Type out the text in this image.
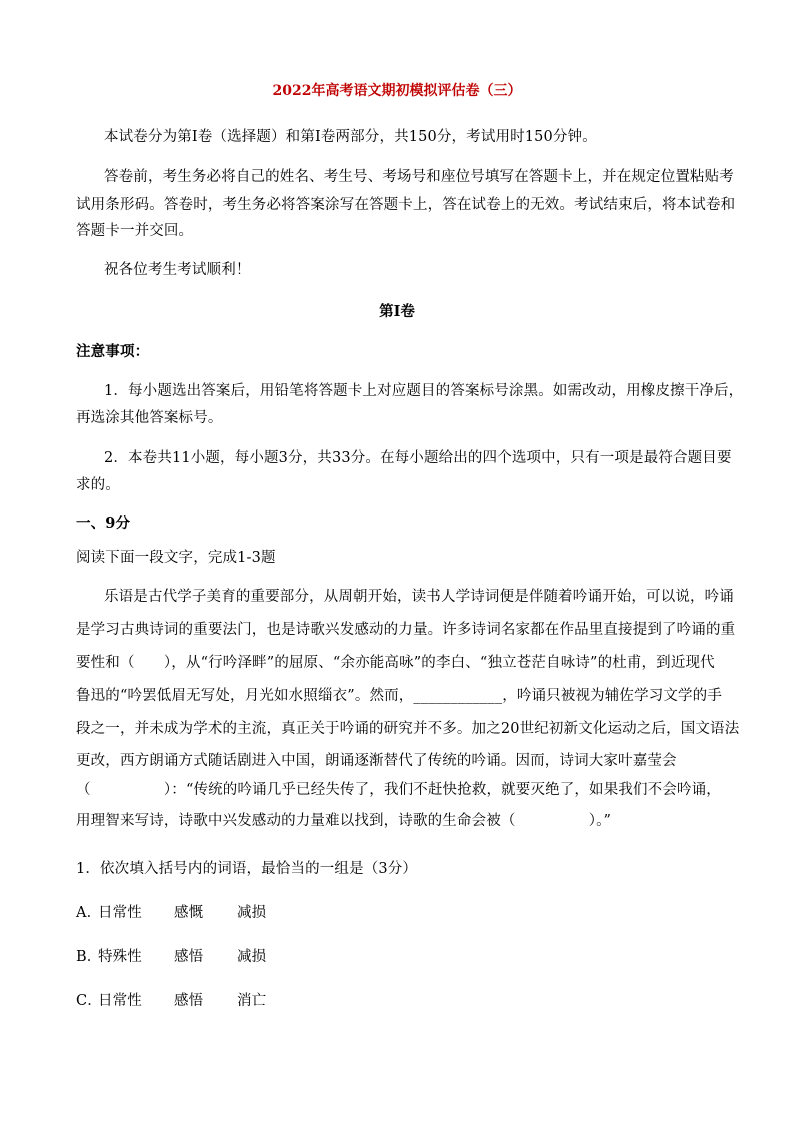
2022年高考语文期初模拟评估卷（三）
本试卷分为第Ⅰ卷（选择题）和第Ⅰ卷两部分，共150分，考试用时150分钟。
答卷前，考生务必将自己的姓名、考生号、考场号和座位号填写在答题卡上，并在规定位置粘贴考
试用条形码。答卷时，考生务必将答案涂写在答题卡上，答在试卷上的无效。考试结束后，将本试卷和
答题卡一并交回。
祝各位考生考试顺利！
第Ⅰ卷
注意事项：
1．每小题选出答案后，用铅笔将答题卡上对应题目的答案标号涂黑。如需改动，用橡皮擦干净后，
再选涂其他答案标号。
2．本卷共11小题，每小题3分，共33分。在每小题给出的四个选项中，只有一项是最符合题目要
求的。
一、9分
阅读下面一段文字，完成1-3题
乐语是古代学子美育的重要部分，从周朝开始，读书人学诗词便是伴随着吟诵开始，可以说，吟诵
是学习古典诗词的重要法门，也是诗歌兴发感动的力量。许多诗词名家都在作品里直接提到了吟诵的重
要性和（　　），从“行吟泽畔”的屈原、“余亦能高咏”的李白、“独立苍茫自咏诗”的杜甫，到近现代
鲁迅的“吟罢低眉无写处，月光如水照缁衣”。然而，____________，吟诵只被视为辅佐学习文学的手
段之一，并未成为学术的主流，真正关于吟诵的研究并不多。加之20世纪初新文化运动之后，国文语法
更改，西方朗诵方式随话剧进入中国，朗诵逐渐替代了传统的吟诵。因而，诗词大家叶嘉莹会
（　　　　　）：“传统的吟诵几乎已经失传了，我们不赶快抢救，就要灭绝了，如果我们不会吟诵，
用理智来写诗，诗歌中兴发感动的力量难以找到，诗歌的生命会被（　　　　　）。”
1．依次填入括号内的词语，最恰当的一组是（3分）
A．日常性 感慨 减损
B．特殊性 感悟 减损
C．日常性 感悟 消亡
